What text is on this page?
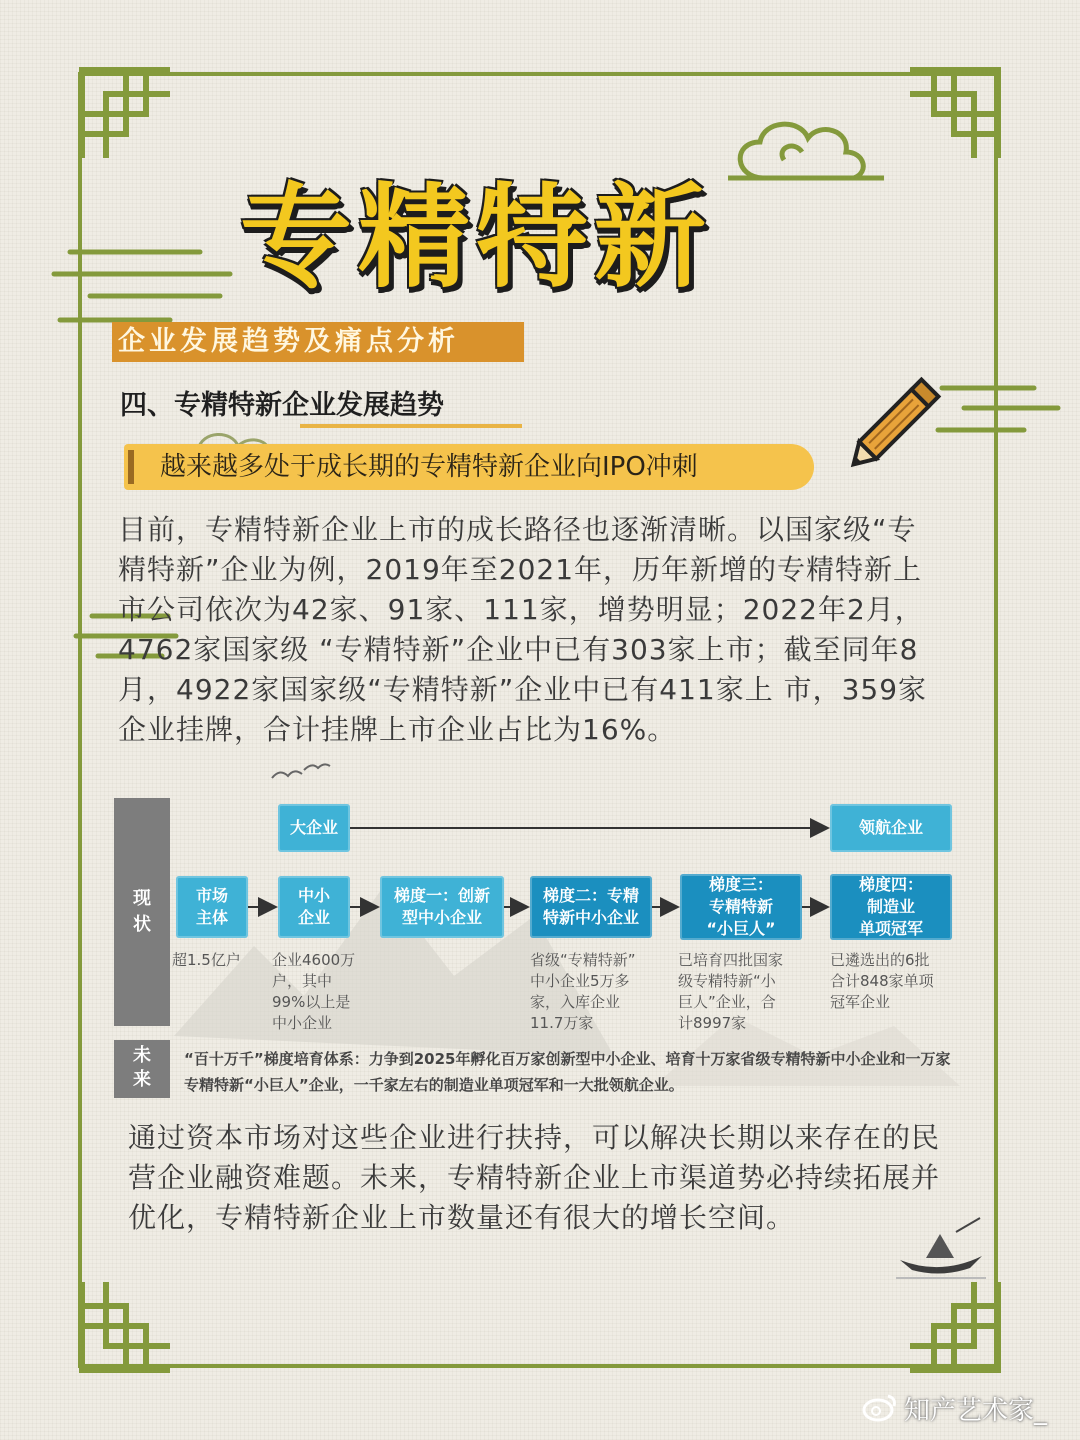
专精特新
企业发展趋势及痛点分析
四、专精特新企业发展趋势
越来越多处于成长期的专精特新企业向IPO冲刺

目前，专精特新企业上市的成长路径也逐渐清晰。以国家级“专精特新”企业为例，2019年至2021年，历年新增的专精特新上市公司依次为42家、91家、111家，增势明显；2022年2月，4762家国家级 “专精特新”企业中已有303家上市；截至同年8月，4922家国家级“专精特新”企业中已有411家上 市，359家企业挂牌，合计挂牌上市企业占比为16%。

现
状
未
来
大企业	领航企业
市场
主体
中小
企业
梯度一：创新
型中小企业
梯度二：专精
特新中小企业
梯度三：
专精特新
“小巨人”
梯度四：
制造业
单项冠军
超1.5亿户	企业4600万
户，其中
99%以上是
中小企业
省级“专精特新”
中小企业5万多
家，入库企业
11.7万家
已培育四批国家
级专精特新“小
巨人”企业，合
计8997家
已遴选出的6批
合计848家单项
冠军企业
“百十万千”梯度培育体系：力争到2025年孵化百万家创新型中小企业、培育十万家省级专精特新中小企业和一万家专精特新“小巨人”企业，一千家左右的制造业单项冠军和一大批领航企业。

通过资本市场对这些企业进行扶持，可以解决长期以来存在的民营企业融资难题。未来，专精特新企业上市渠道势必持续拓展并优化，专精特新企业上市数量还有很大的增长空间。

知产艺术家_
